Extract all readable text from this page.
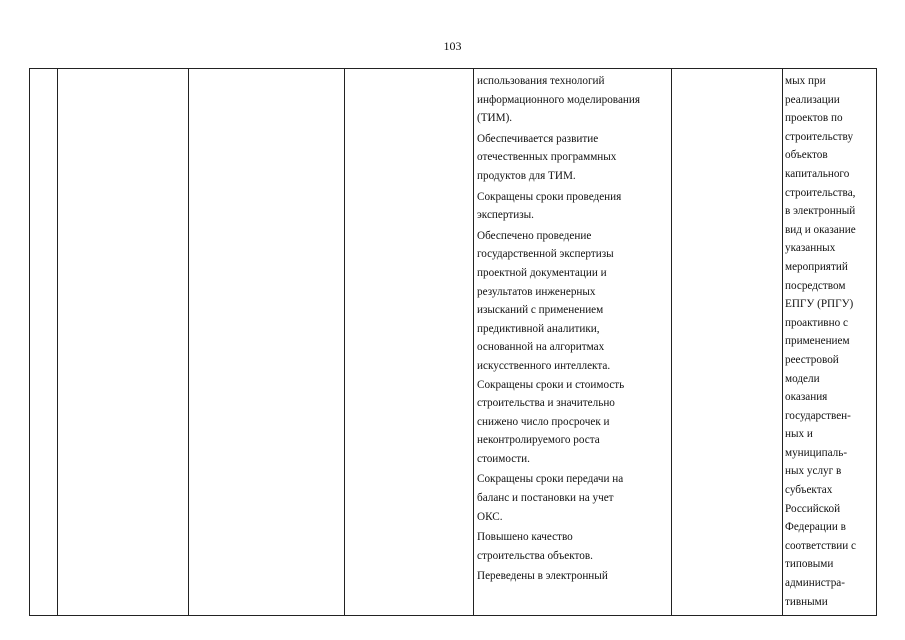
103
использования технологий
информационного моделирования
(ТИМ).
Обеспечивается развитие
отечественных программных
продуктов для ТИМ.
Сокращены сроки проведения
экспертизы.
Обеспечено проведение
государственной экспертизы
проектной документации и
результатов инженерных
изысканий с применением
предиктивной аналитики,
основанной на алгоритмах
искусственного интеллекта.
Сокращены сроки и стоимость
строительства и значительно
снижено число просрочек и
неконтролируемого роста
стоимости.
Сокращены сроки передачи на
баланс и постановки на учет
ОКС.
Повышено качество
строительства объектов.
Переведены в электронный
мых при
реализации
проектов по
строительству
объектов
капитального
строительства,
в электронный
вид и оказание
указанных
мероприятий
посредством
ЕПГУ (РПГУ)
проактивно с
применением
реестровой
модели
оказания
государствен-
ных и
муниципаль-
ных услуг в
субъектах
Российской
Федерации в
соответствии с
типовыми
администра-
тивными
